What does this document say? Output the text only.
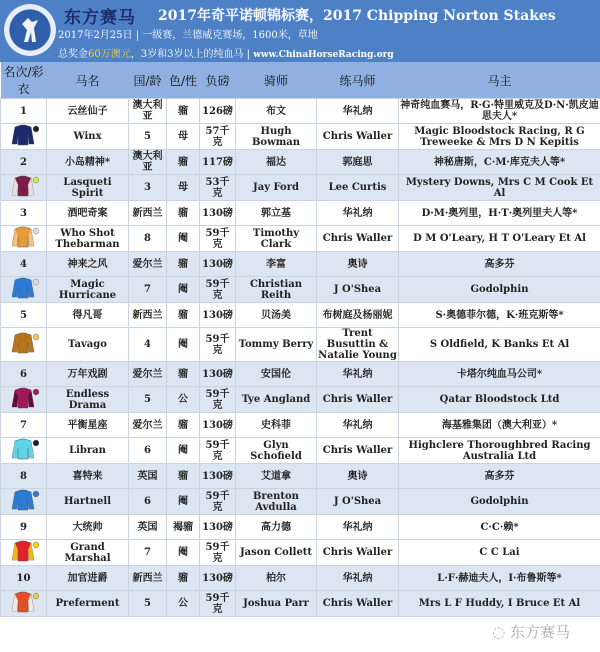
东方赛马 2017年奇平诺顿锦标赛，2017 Chipping Norton Stakes
2017年2月25日 | 一级赛，兰德威克赛场，1600米，草地
总奖金60万澳元，3岁和3岁以上的纯血马 | www.ChinaHorseRacing.org
名次/彩衣	马名	国/龄	色/性	负磅	骑师	练马师	马主
1	云丝仙子	澳大利亚	骝	126磅	布文	华礼纳	神奇纯血赛马，R·G·特里威克及D·N·凯皮迪思夫人*
	Winx	5	母	57千克	Hugh Bowman	Chris Waller	Magic Bloodstock Racing, R G Treweeke & Mrs D N Kepitis
2	小岛精神*	澳大利亚	骝	117磅	福达	郭庭思	神秘唐斯，C·M·库克夫人等*
	Lasqueti Spirit	3	母	53千克	Jay Ford	Lee Curtis	Mystery Downs, Mrs C M Cook Et Al
3	酒吧奇案	新西兰	骝	130磅	郭立基	华礼纳	D·M·奥列里，H·T·奥列里夫人等*
	Who Shot Thebarman	8	阉	59千克	Timothy Clark	Chris Waller	D M O'Leary, H T O'Leary Et Al
4	神来之风	爱尔兰	骝	130磅	李富	奥诗	高多芬
	Magic Hurricane	7	阉	59千克	Christian Reith	J O'Shea	Godolphin
5	得凡哥	新西兰	骝	130磅	贝汤美	布树庭及杨丽妮	S·奥德菲尔德，K·班克斯等*
	Tavago	4	阉	59千克	Tommy Berry	Trent Busuttin & Natalie Young	S Oldfield, K Banks Et Al
6	万年戏剧	爱尔兰	骝	130磅	安国伦	华礼纳	卡塔尔纯血马公司*
	Endless Drama	5	公	59千克	Tye Angland	Chris Waller	Qatar Bloodstock Ltd
7	平衡星座	爱尔兰	骝	130磅	史科菲	华礼纳	海基雅集团（澳大利亚）*
	Libran	6	阉	59千克	Glyn Schofield	Chris Waller	Highclere Thoroughbred Racing Australia Ltd
8	喜特来	英国	骝	130磅	艾道拿	奥诗	高多芬
	Hartnell	6	阉	59千克	Brenton Avdulla	J O'Shea	Godolphin
9	大统帅	英国	褐骝	130磅	高力德	华礼纳	C·C·赖*
	Grand Marshal	7	阉	59千克	Jason Collett	Chris Waller	C C Lai
10	加官进爵	新西兰	骝	130磅	柏尔	华礼纳	L·F·赫迪夫人，I·布鲁斯等*
	Preferment	5	公	59千克	Joshua Parr	Chris Waller	Mrs L F Huddy, I Bruce Et Al
◌ 东方赛马
